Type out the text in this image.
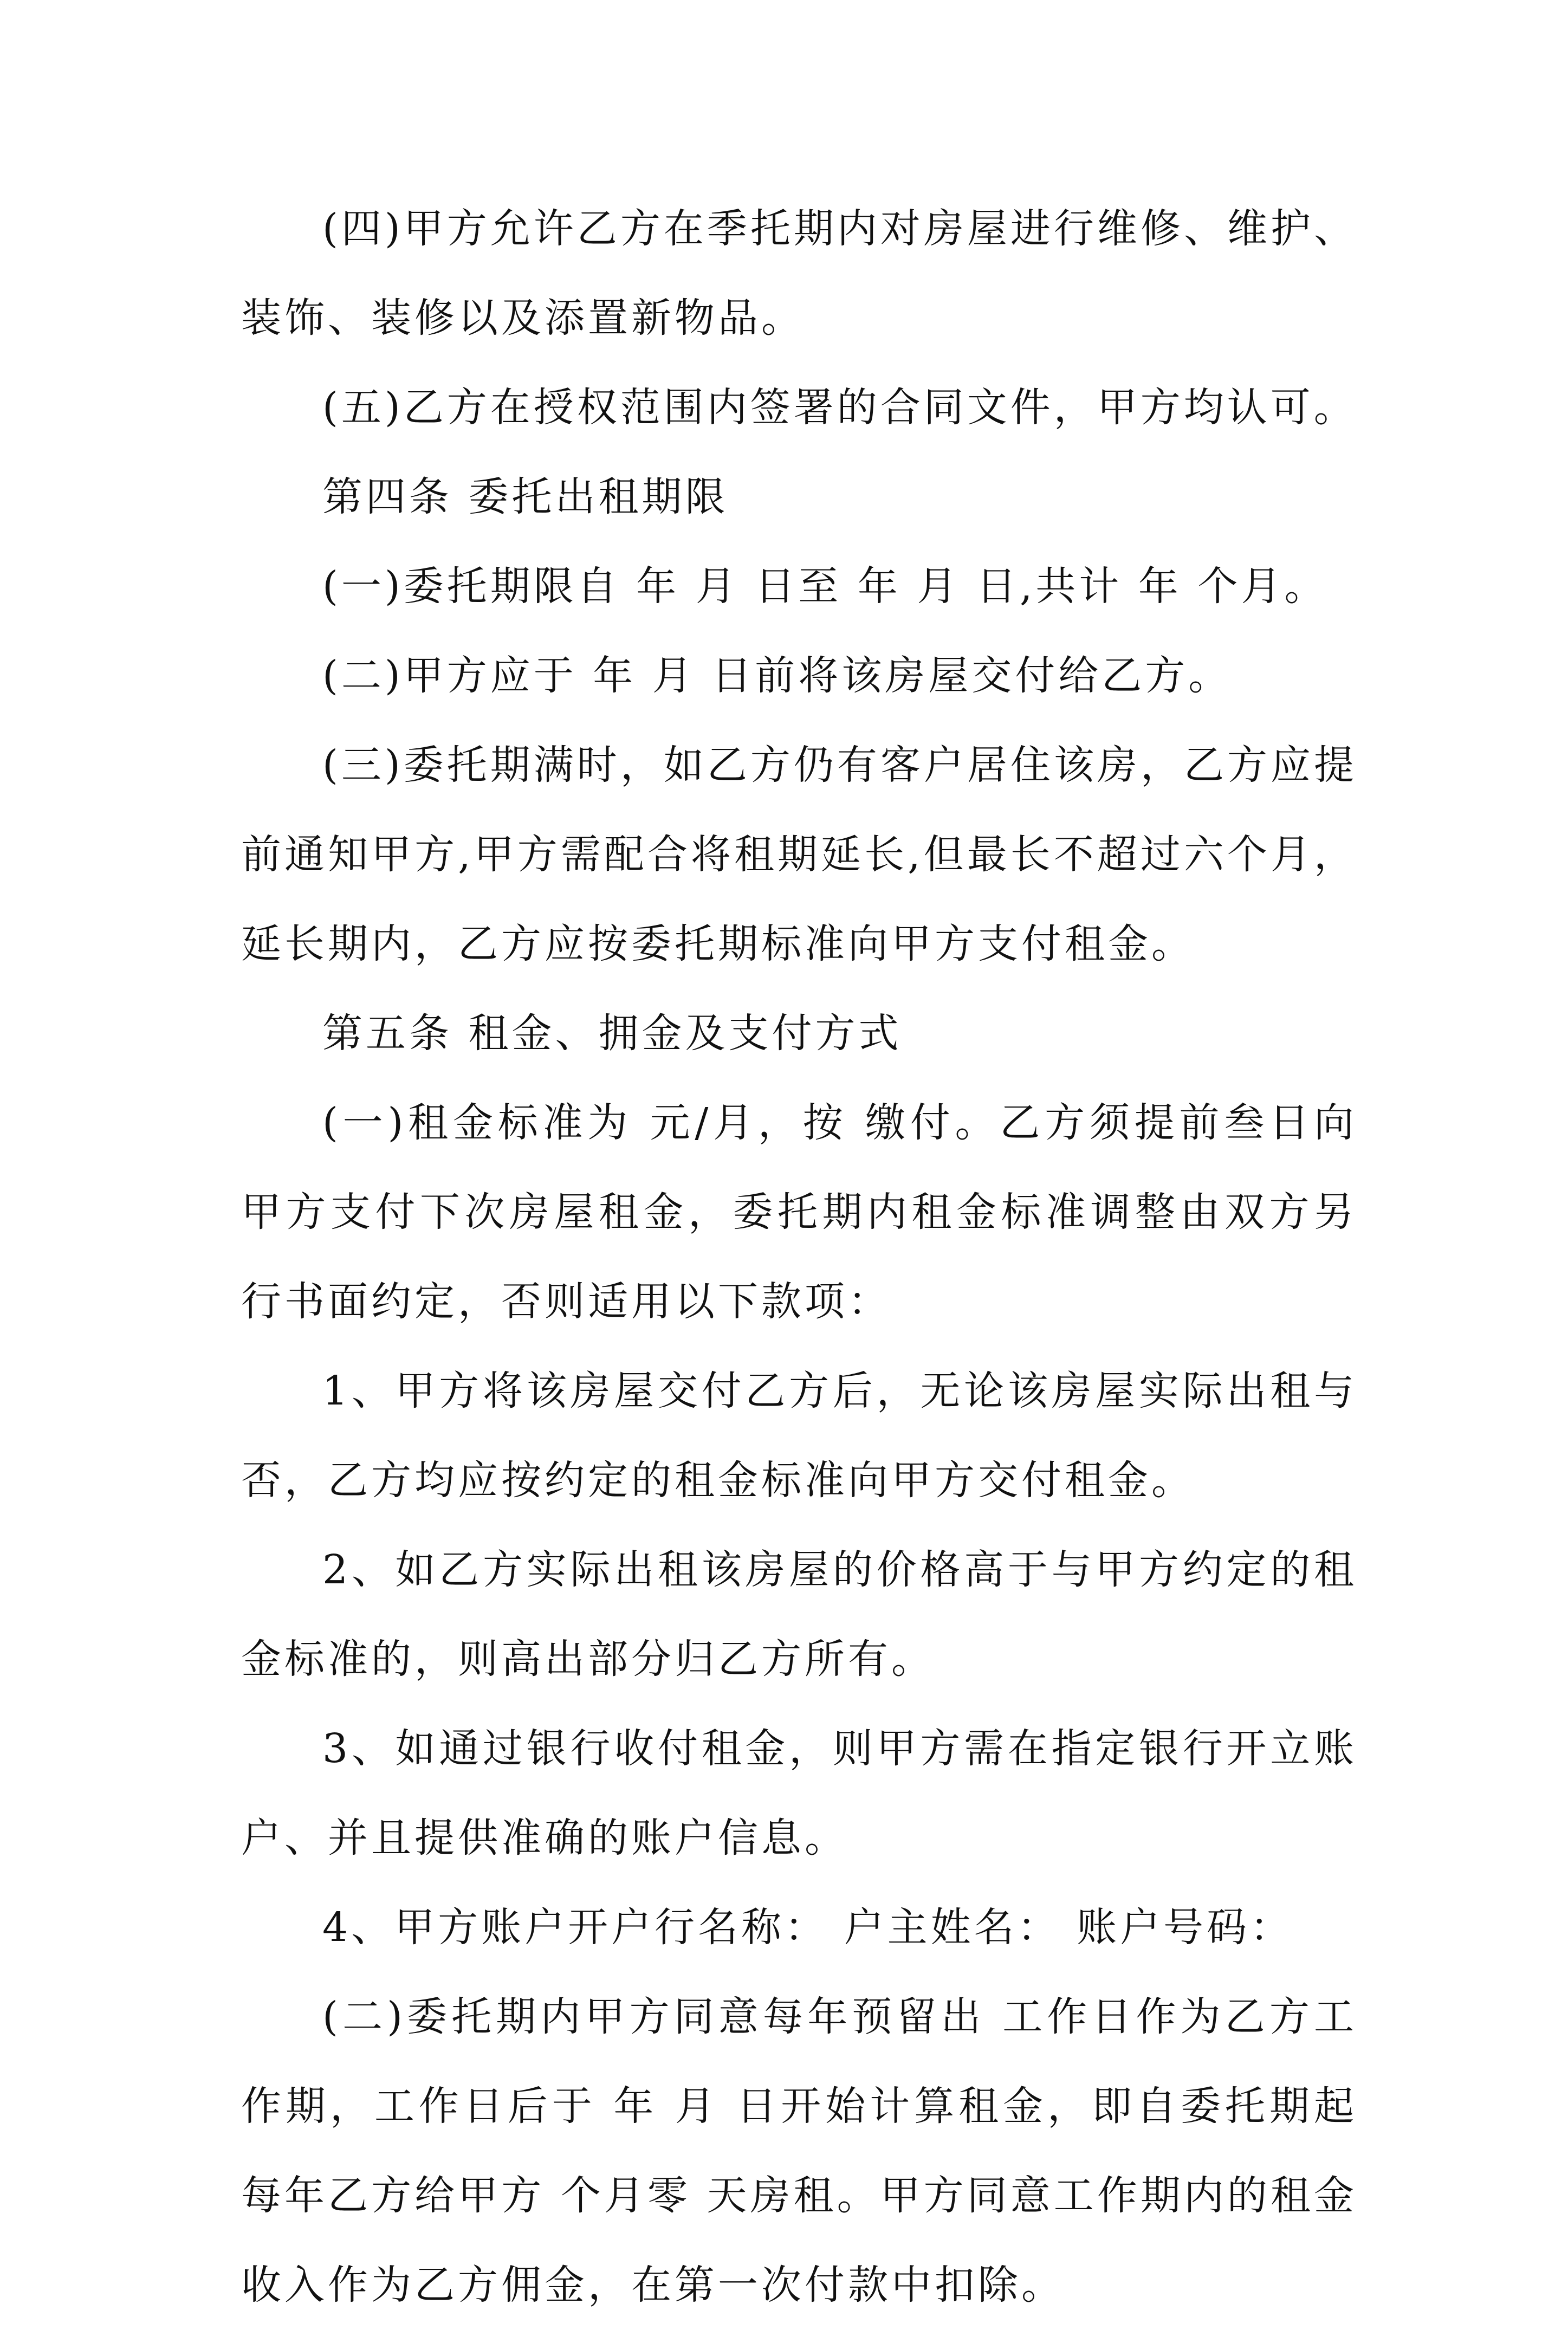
(四)甲方允许乙方在季托期内对房屋进行维修、维护、装饰、装修以及添置新物品。

(五)乙方在授权范围内签署的合同文件，甲方均认可。

第四条 委托出租期限

(一)委托期限自 年 月 日至 年 月 日,共计 年 个月。

(二)甲方应于 年 月 日前将该房屋交付给乙方。

(三)委托期满时，如乙方仍有客户居住该房，乙方应提前通知甲方,甲方需配合将租期延长,但最长不超过六个月，延长期内，乙方应按委托期标准向甲方支付租金。

第五条 租金、拥金及支付方式

(一)租金标准为 元/月，按 缴付。乙方须提前叁日向甲方支付下次房屋租金，委托期内租金标准调整由双方另行书面约定，否则适用以下款项：

1、甲方将该房屋交付乙方后，无论该房屋实际出租与否，乙方均应按约定的租金标准向甲方交付租金。

2、如乙方实际出租该房屋的价格高于与甲方约定的租金标准的，则高出部分归乙方所有。

3、如通过银行收付租金，则甲方需在指定银行开立账户、并且提供准确的账户信息。

4、甲方账户开户行名称： 户主姓名： 账户号码：

(二)委托期内甲方同意每年预留出 工作日作为乙方工作期，工作日后于 年 月 日开始计算租金，即自委托期起每年乙方给甲方 个月零 天房租。甲方同意工作期内的租金收入作为乙方佣金，在第一次付款中扣除。
